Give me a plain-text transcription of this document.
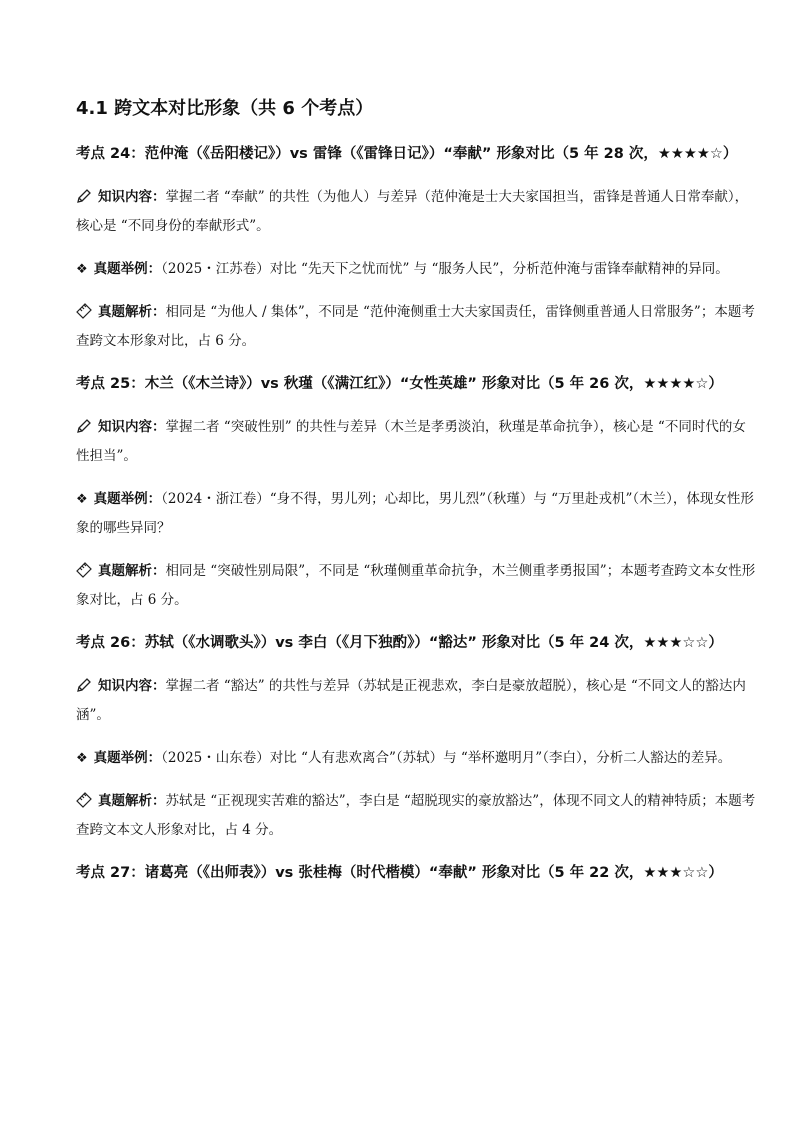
4.1 跨文本对比形象（共 6 个考点）
考点 24：范仲淹（《岳阳楼记》）vs 雷锋（《雷锋日记》）“奉献” 形象对比（5 年 28 次，★★★★☆）
知识内容：掌握二者 “奉献” 的共性（为他人）与差异（范仲淹是士大夫家国担当，雷锋是普通人日常奉献），核心是 “不同身份的奉献形式”。
❖ 真题举例：（2025・江苏卷）对比 “先天下之忧而忧” 与 “服务人民”，分析范仲淹与雷锋奉献精神的异同。
真题解析：相同是 “为他人 / 集体”，不同是 “范仲淹侧重士大夫家国责任，雷锋侧重普通人日常服务”；本题考查跨文本形象对比，占 6 分。
考点 25：木兰（《木兰诗》）vs 秋瑾（《满江红》）“女性英雄” 形象对比（5 年 26 次，★★★★☆）
知识内容：掌握二者 “突破性别” 的共性与差异（木兰是孝勇淡泊，秋瑾是革命抗争），核心是 “不同时代的女性担当”。
❖ 真题举例：（2024・浙江卷）“身不得，男儿列；心却比，男儿烈”（秋瑾）与 “万里赴戎机”（木兰），体现女性形象的哪些异同？
真题解析：相同是 “突破性别局限”，不同是 “秋瑾侧重革命抗争，木兰侧重孝勇报国”；本题考查跨文本女性形象对比，占 6 分。
考点 26：苏轼（《水调歌头》）vs 李白（《月下独酌》）“豁达” 形象对比（5 年 24 次，★★★☆☆）
知识内容：掌握二者 “豁达” 的共性与差异（苏轼是正视悲欢，李白是豪放超脱），核心是 “不同文人的豁达内涵”。
❖ 真题举例：（2025・山东卷）对比 “人有悲欢离合”（苏轼）与 “举杯邀明月”（李白），分析二人豁达的差异。
真题解析：苏轼是 “正视现实苦难的豁达”，李白是 “超脱现实的豪放豁达”，体现不同文人的精神特质；本题考查跨文本文人形象对比，占 4 分。
考点 27：诸葛亮（《出师表》）vs 张桂梅（时代楷模）“奉献” 形象对比（5 年 22 次，★★★☆☆）
